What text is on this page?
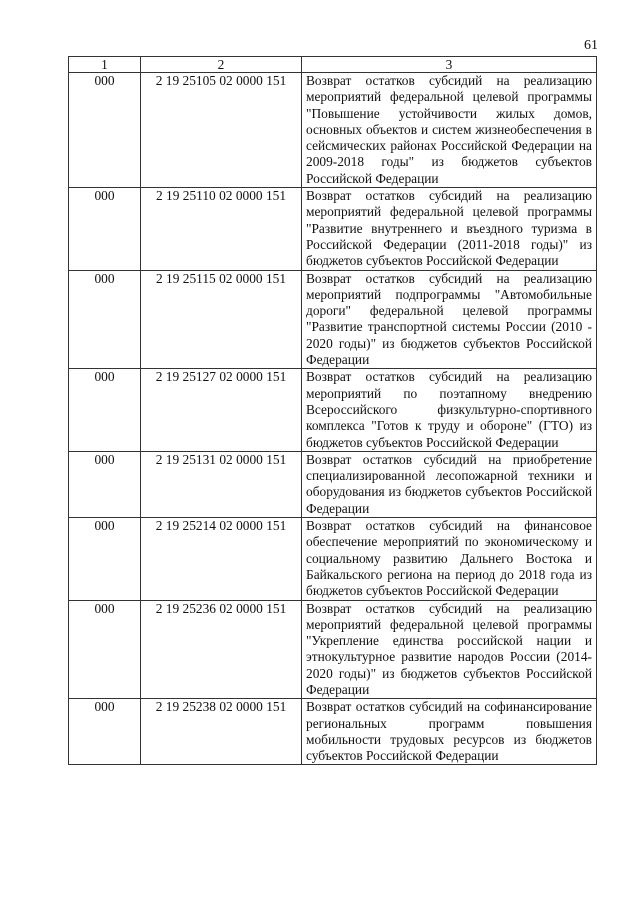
61
1	2	3
000	2 19 25105 02 0000 151	Возврат остатков субсидий на реализацию мероприятий федеральной целевой программы "Повышение устойчивости жилых домов, основных объектов и систем жизнеобеспечения в сейсмических районах Российской Федерации на 2009-2018 годы" из бюджетов субъектов Российской Федерации
000	2 19 25110 02 0000 151	Возврат остатков субсидий на реализацию мероприятий федеральной целевой программы "Развитие внутреннего и въездного туризма в Российской Федерации (2011-2018 годы)" из бюджетов субъектов Российской Федерации
000	2 19 25115 02 0000 151	Возврат остатков субсидий на реализацию мероприятий подпрограммы "Автомобильные дороги" федеральной целевой программы "Развитие транспортной системы России (2010 - 2020 годы)" из бюджетов субъектов Российской Федерации
000	2 19 25127 02 0000 151	Возврат остатков субсидий на реализацию мероприятий по поэтапному внедрению Всероссийского физкультурно-спортивного комплекса "Готов к труду и обороне" (ГТО) из бюджетов субъектов Российской Федерации
000	2 19 25131 02 0000 151	Возврат остатков субсидий на приобретение специализированной лесопожарной техники и оборудования из бюджетов субъектов Российской Федерации
000	2 19 25214 02 0000 151	Возврат остатков субсидий на финансовое обеспечение мероприятий по экономическому и социальному развитию Дальнего Востока и Байкальского региона на период до 2018 года из бюджетов субъектов Российской Федерации
000	2 19 25236 02 0000 151	Возврат остатков субсидий на реализацию мероприятий федеральной целевой программы "Укрепление единства российской нации и этнокультурное развитие народов России (2014-2020 годы)" из бюджетов субъектов Российской Федерации
000	2 19 25238 02 0000 151	Возврат остатков субсидий на софинансирование региональных программ повышения мобильности трудовых ресурсов из бюджетов субъектов Российской Федерации
